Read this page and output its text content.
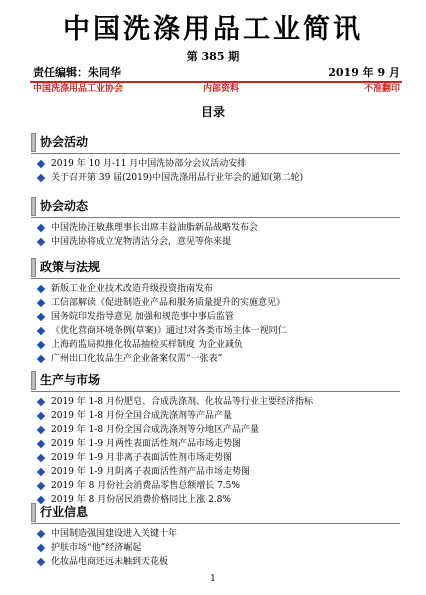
中国洗涤用品工业简讯
第 385 期
责任编辑：朱同华	2019 年 9 月
中国洗涤用品工业协会	内部资料	不准翻印
目录
协会活动
2019 年 10 月-11 月中国洗协部分会议活动安排
关于召开第 39 届(2019)中国洗涤用品行业年会的通知(第二轮)
协会动态
中国洗协汪敏燕理事长出席丰益油脂新品战略发布会
中国洗协将成立宠物清洁分会，意见等你来提
政策与法规
新版工业企业技术改造升级投资指南发布
工信部解读《促进制造业产品和服务质量提升的实施意见》
国务院印发指导意见 加强和规范事中事后监管
《优化营商环境条例(草案)》通过!对各类市场主体一视同仁
上海药监局拟推化妆品抽检买样制度 为企业减负
广州出口化妆品生产企业备案仅需“一张表”
生产与市场
2019 年 1-8 月份肥皂、合成洗涤剂、化妆品等行业主要经济指标
2019 年 1-8 月份全国合成洗涤剂等产品产量
2019 年 1-8 月份全国合成洗涤剂等分地区产品产量
2019 年 1-9 月两性表面活性剂产品市场走势图
2019 年 1-9 月非离子表面活性剂市场走势图
2019 年 1-9 月阴离子表面活性剂产品市场走势图
2019 年 8 月份社会消费品零售总额增长 7.5%
2019 年 8 月份居民消费价格同比上涨 2.8%
行业信息
中国制造强国建设进入关键十年
护肤市场“他”经济崛起
化妆品电商还远未触到天花板
1
